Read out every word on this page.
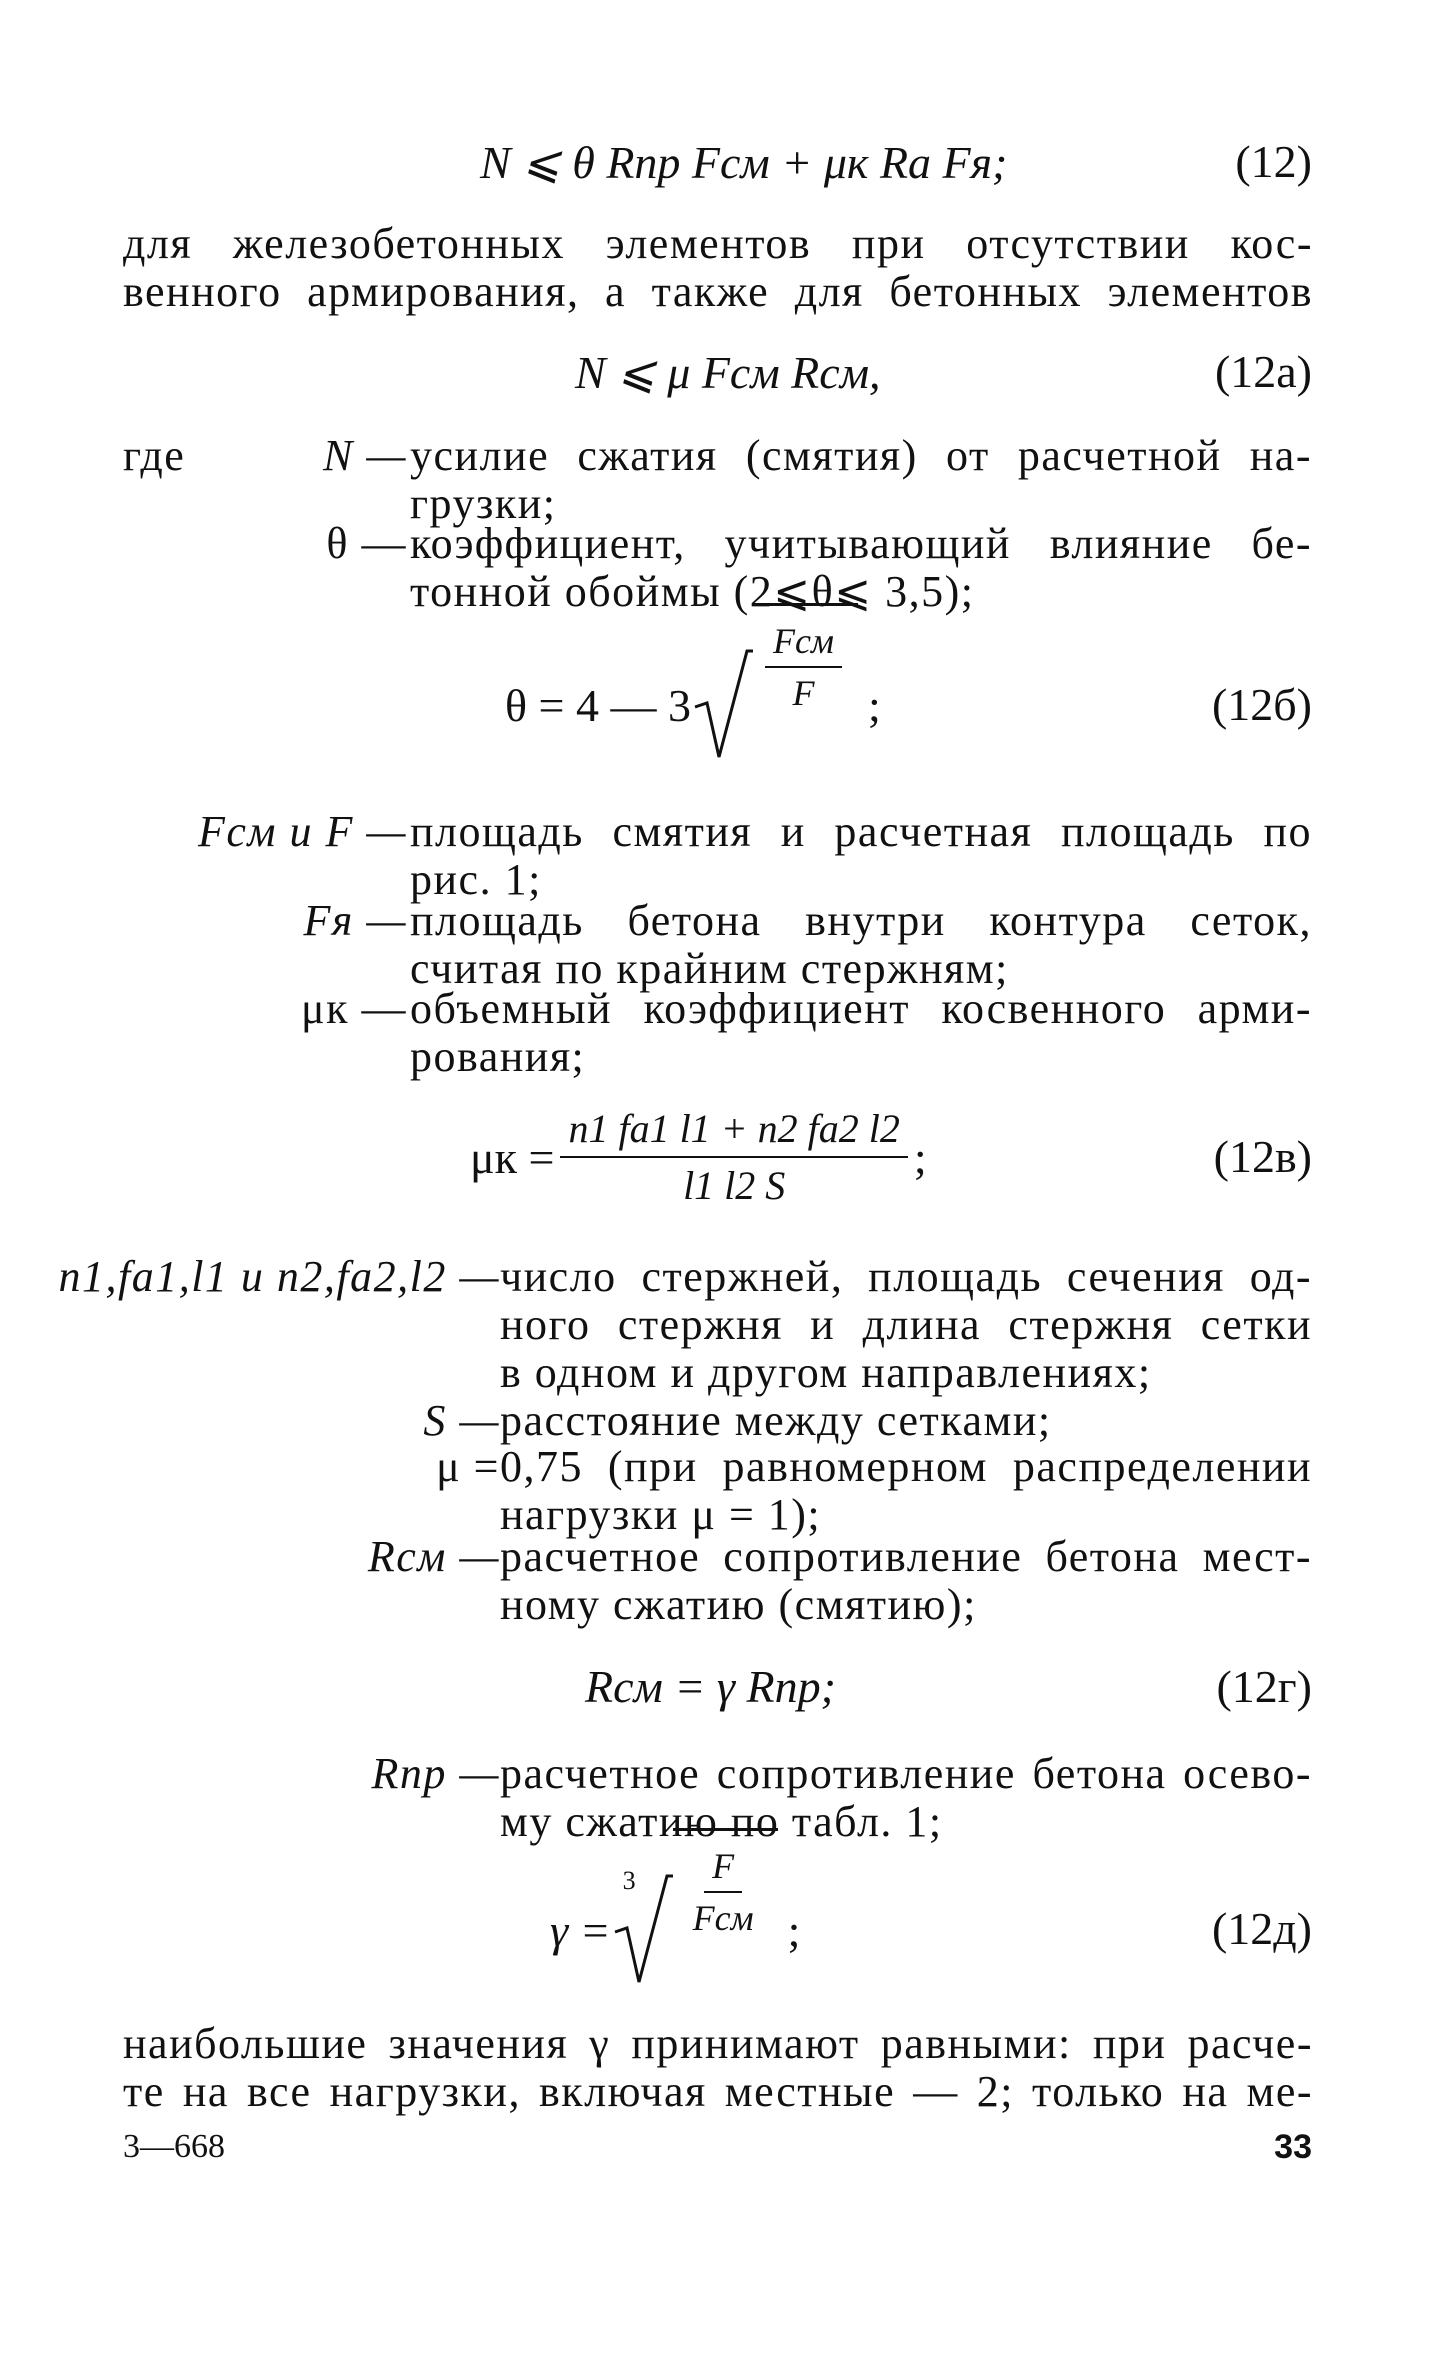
N ⩽ θ Rпр Fсм + μк Rа Fя;	(12)
для железобетонных элементов при отсутствии кос-
венного армирования, а также для бетонных элементов
N ⩽ μ Fсм Rсм,	(12а)
где	N — усилие сжатия (смятия) от расчетной на-
грузки;
θ — коэффициент, учитывающий влияние бе-
тонной обоймы (2⩽θ⩽ 3,5);
θ = 4 — $3 \frac{\text{Fсм}}{F}$ ;	(12б)
Fсм и F — площадь смятия и расчетная площадь по
рис. 1;
Fя — площадь бетона внутри контура сеток,
считая по крайним стержням;
μк — объемный коэффициент косвенного арми-
рования;
$\mu к = \frac{n1 fa1 l1 + n2 fa2 l2}{l1 l2 S}$ ;	(12в)
n1,fa1,l1 и n2,fa2,l2 — число стержней, площадь сечения од-
ного стержня и длина стержня сетки
в одном и другом направлениях;
S — расстояние между сетками;
μ = 0,75 (при равномерном распределении
нагрузки μ = 1);
Rсм — расчетное сопротивление бетона мест-
ному сжатию (смятию);
Rсм = γ Rпр;	(12г)
Rпр — расчетное сопротивление бетона осево-
му сжатию по табл. 1;
γ =
$3 \frac{F}{\text{Fсм}}$ ;	(12д)
наибольшие значения γ принимают равными: при расче-
те на все нагрузки, включая местные — 2; только на ме-
3—668	33
